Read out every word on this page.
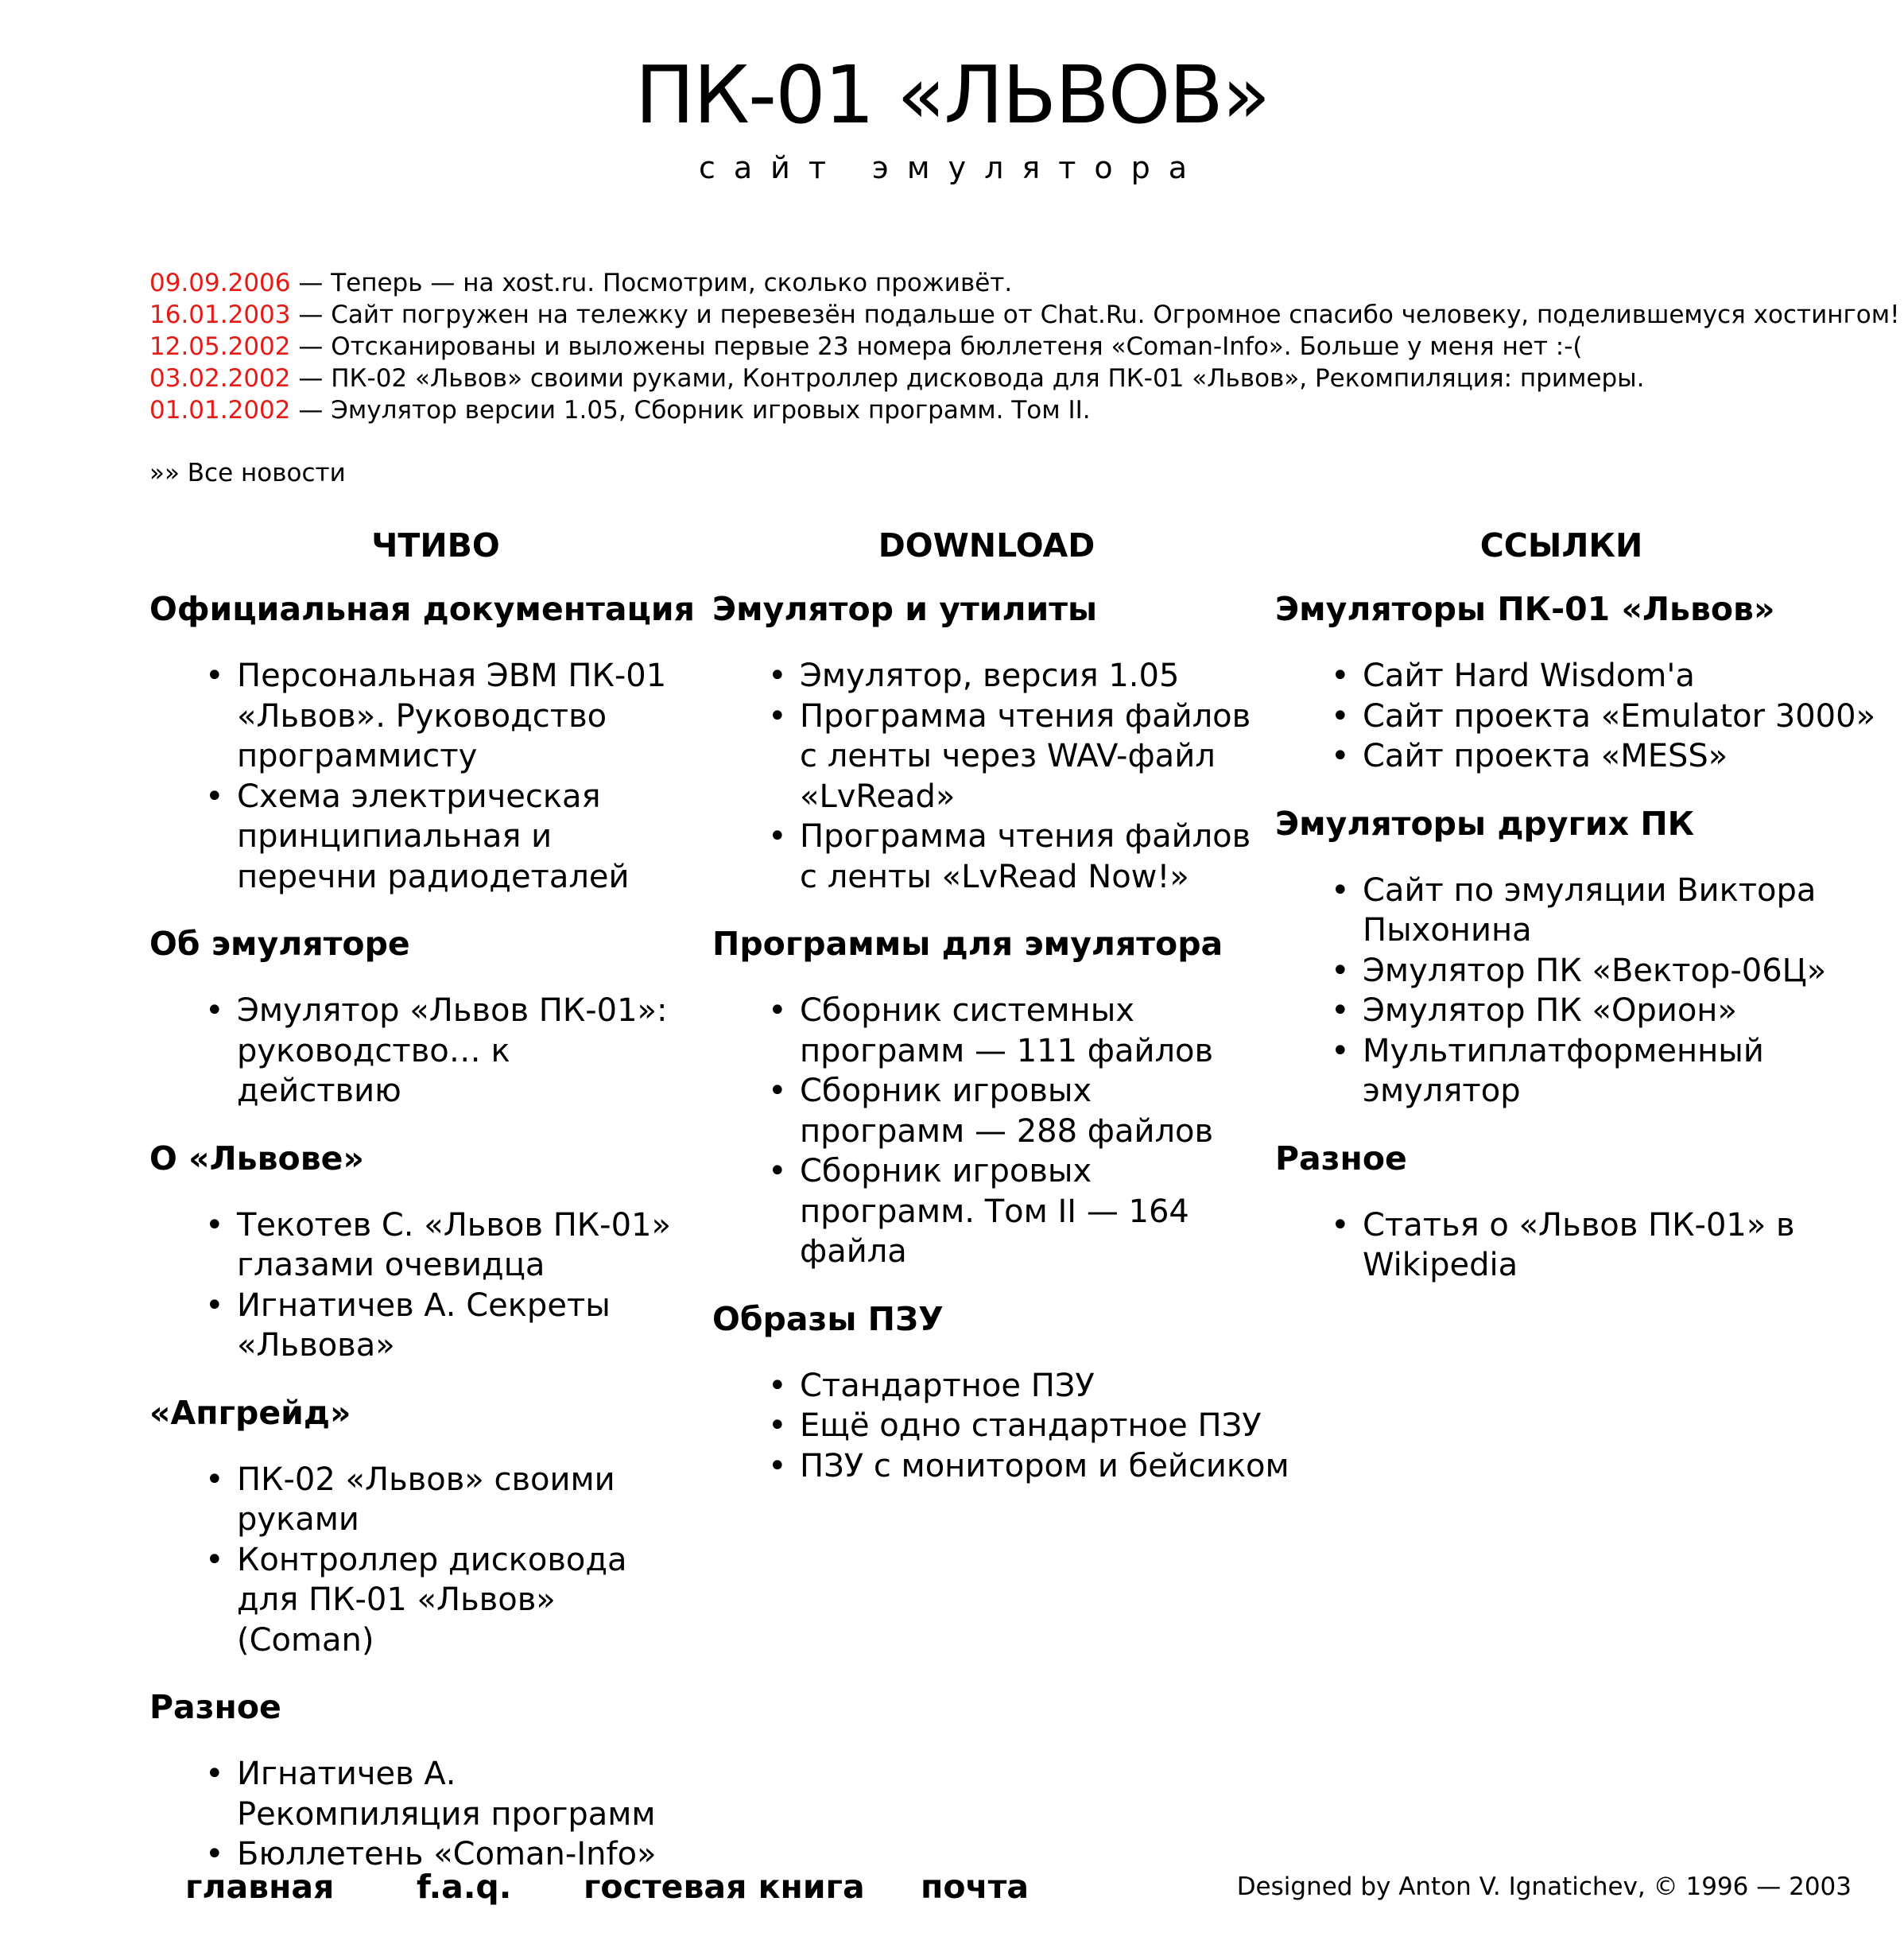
ПК-01 «ЛЬВОВ»
сайт эмулятора
09.09.2006 — Теперь — на xost.ru. Посмотрим, сколько проживёт.
16.01.2003 — Сайт погружен на тележку и перевезён подальше от Chat.Ru. Огромное спасибо человеку, поделившемуся хостингом!
12.05.2002 — Отсканированы и выложены первые 23 номера бюллетеня «Coman-Info». Больше у меня нет :-(
03.02.2002 — ПК-02 «Львов» своими руками, Контроллер дисковода для ПК-01 «Львов», Рекомпиляция: примеры.
01.01.2002 — Эмулятор версии 1.05, Сборник игровых программ. Том II.
»» Все новости
ЧТИВО
Официальная документация
• Персональная ЭВМ ПК-01 «Львов». Руководство программисту
• Схема электрическая принципиальная и перечни радиодеталей
Об эмуляторе
• Эмулятор «Львов ПК-01»: руководство… к действию
О «Львове»
• Текотев С. «Львов ПК-01» глазами очевидца
• Игнатичев А. Секреты «Львова»
«Апгрейд»
• ПК-02 «Львов» своими руками
• Контроллер дисковода для ПК-01 «Львов» (Coman)
Разное
• Игнатичев А. Рекомпиляция программ
• Бюллетень «Coman-Info»
DOWNLOAD
Эмулятор и утилиты
• Эмулятор, версия 1.05
• Программа чтения файлов с ленты через WAV-файл «LvRead»
• Программа чтения файлов с ленты «LvRead Now!»
Программы для эмулятора
• Сборник системных программ — 111 файлов
• Сборник игровых программ — 288 файлов
• Сборник игровых программ. Том II — 164 файла
Образы ПЗУ
• Стандартное ПЗУ
• Ещё одно стандартное ПЗУ
• ПЗУ с монитором и бейсиком
ССЫЛКИ
Эмуляторы ПК-01 «Львов»
• Сайт Hard Wisdom'a
• Сайт проекта «Emulator 3000»
• Сайт проекта «MESS»
Эмуляторы других ПК
• Сайт по эмуляции Виктора Пыхонина
• Эмулятор ПК «Вектор-06Ц»
• Эмулятор ПК «Орион»
• Мультиплатформенный эмулятор
Разное
• Статья о «Львов ПК-01» в Wikipedia
главная	f.a.q. гостевая книга почта	Designed by Anton V. Ignatichev, © 1996 — 2003
